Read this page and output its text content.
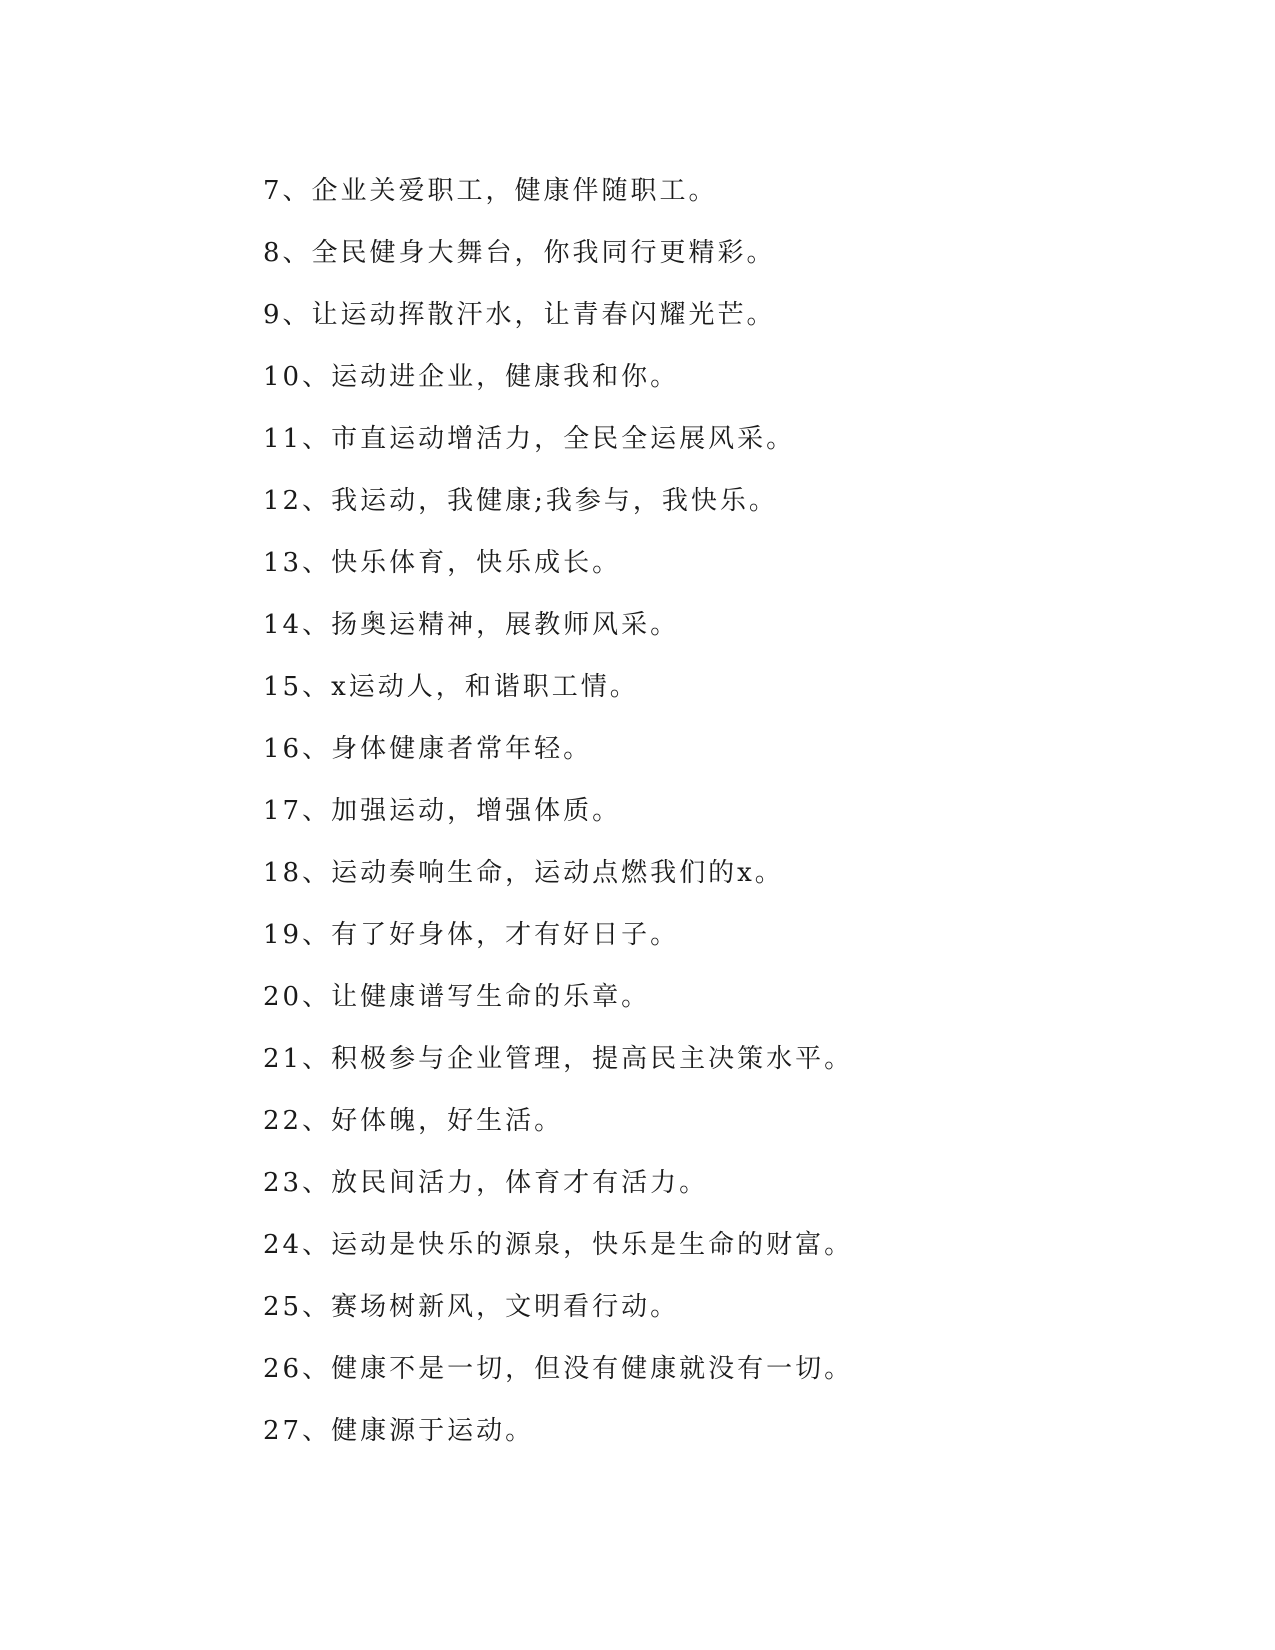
7、企业关爱职工，健康伴随职工。
8、全民健身大舞台，你我同行更精彩。
9、让运动挥散汗水，让青春闪耀光芒。
10、运动进企业，健康我和你。
11、市直运动增活力，全民全运展风采。
12、我运动，我健康;我参与，我快乐。
13、快乐体育，快乐成长。
14、扬奥运精神，展教师风采。
15、x运动人，和谐职工情。
16、身体健康者常年轻。
17、加强运动，增强体质。
18、运动奏响生命，运动点燃我们的x。
19、有了好身体，才有好日子。
20、让健康谱写生命的乐章。
21、积极参与企业管理，提高民主决策水平。
22、好体魄，好生活。
23、放民间活力，体育才有活力。
24、运动是快乐的源泉，快乐是生命的财富。
25、赛场树新风，文明看行动。
26、健康不是一切，但没有健康就没有一切。
27、健康源于运动。
